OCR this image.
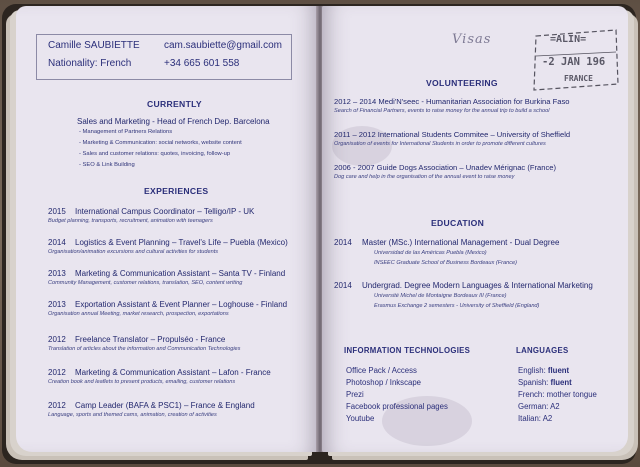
Camille SAUBIETTE
Nationality: French
cam.saubiette@gmail.com
+34 665 601 558
CURRENTLY
Sales and Marketing - Head of French Dep. Barcelona
- Management of Partners Relations
- Marketing & Communication: social networks, website content
- Sales and customer relations: quotes, invoicing, follow-up
- SEO & Link Building
EXPERIENCES
2015 International Campus Coordinator – Telligo/IP - UK
Budget planning, transports, recruitment, animation with teenagers
2014 Logistics & Event Planning – Travel's Life – Puebla (Mexico)
Organisation/animation excursions and cultural activities for students
2013 Marketing & Communication Assistant – Santa TV - Finland
Community Management, customer relations, translation, SEO, content writing
2013 Exportation Assistant & Event Planner – Loghouse - Finland
Organisation annual Meeting, market research, prospection, exportations
2012 Freelance Translator – Propulséo - France
Translation of articles about the information and Communication Technologies
2012 Marketing & Communication Assistant – Lafon - France
Creation book and leaflets to present products, emailing, customer relations
2012 Camp Leader (BAFA & PSC1) – France & England
Language, sports and themed cams, animation, creation of activities
Visas	=ALIN=
-2 JAN 196
FRANCE
VOLUNTEERING
2012 – 2014 Medi'N'seec - Humanitarian Association for Burkina Faso
Search of Financial Partners, events to raise money for the annual trip to build a school
2011 – 2012 International Students Commitee – University of Sheffield
Organisation of events for International Students in order to promote different cultures
2006 - 2007 Guide Dogs Association – Unadev Mérignac (France)
Dog care and help in the organisation of the annual event to raise money
EDUCATION
2014 Master (MSc.) International Management - Dual Degree
Universidad de las Américas Puebla (Mexico)
INSEEC Graduate School of Business Bordeaux (France)
2014 Undergrad. Degree Modern Languages & International Marketing
Université Michel de Montaigne Bordeaux III (France)
Erasmus Exchange 2 semesters - University of Sheffield (England)
INFORMATION TECHNOLOGIES
Office Pack / Access
Photoshop / Inkscape
Prezi
Facebook professional pages
Youtube
LANGUAGES
English: fluent
Spanish: fluent
French: mother tongue
German: A2
Italian: A2
